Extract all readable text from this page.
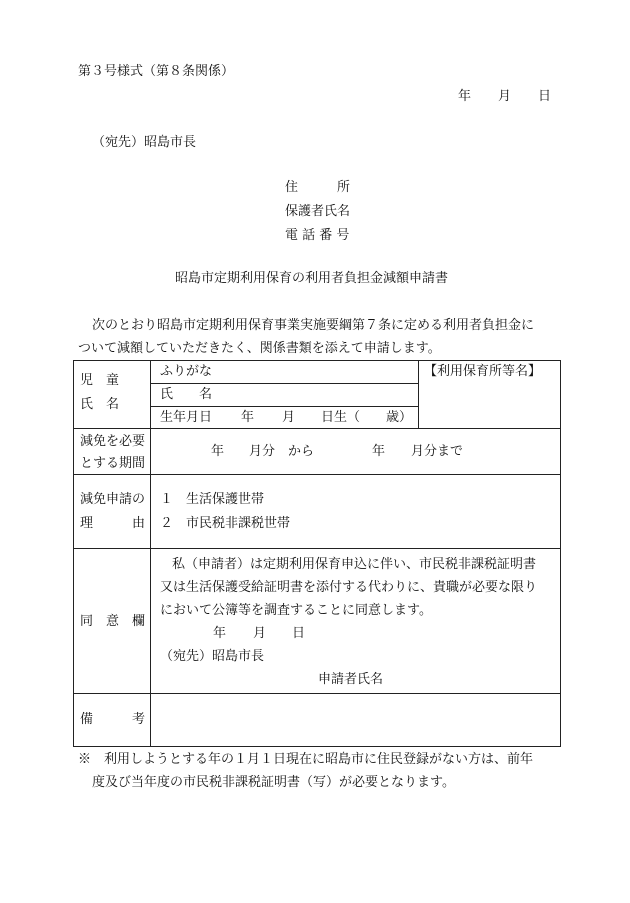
第３号様式（第８条関係）
年 月 日
（宛先）昭島市長
住　　　所
保護者氏名
電 話 番 号
昭島市定期利用保育の利用者負担金減額申請書
次のとおり昭島市定期利用保育事業実施要綱第７条に定める利用者負担金に
ついて減額していただきたく、関係書類を添えて申請します。
児　童
氏　名
ふりがな
氏　　名
生年月日 年 月 日生（　　歳）
【利用保育所等名】
減免を必要
とする期間
年 月分　から	年 月分まで
減免申請の
理　　　由
１　生活保護世帯
２　市民税非課税世帯
同　意　欄
私（申請者）は定期利用保育申込に伴い、市民税非課税証明書
又は生活保護受給証明書を添付する代わりに、貴職が必要な限り
において公簿等を調査することに同意します。
年 月 日
（宛先）昭島市長
申請者氏名
備　　　考
※　利用しようとする年の１月１日現在に昭島市に住民登録がない方は、前年
度及び当年度の市民税非課税証明書（写）が必要となります。
